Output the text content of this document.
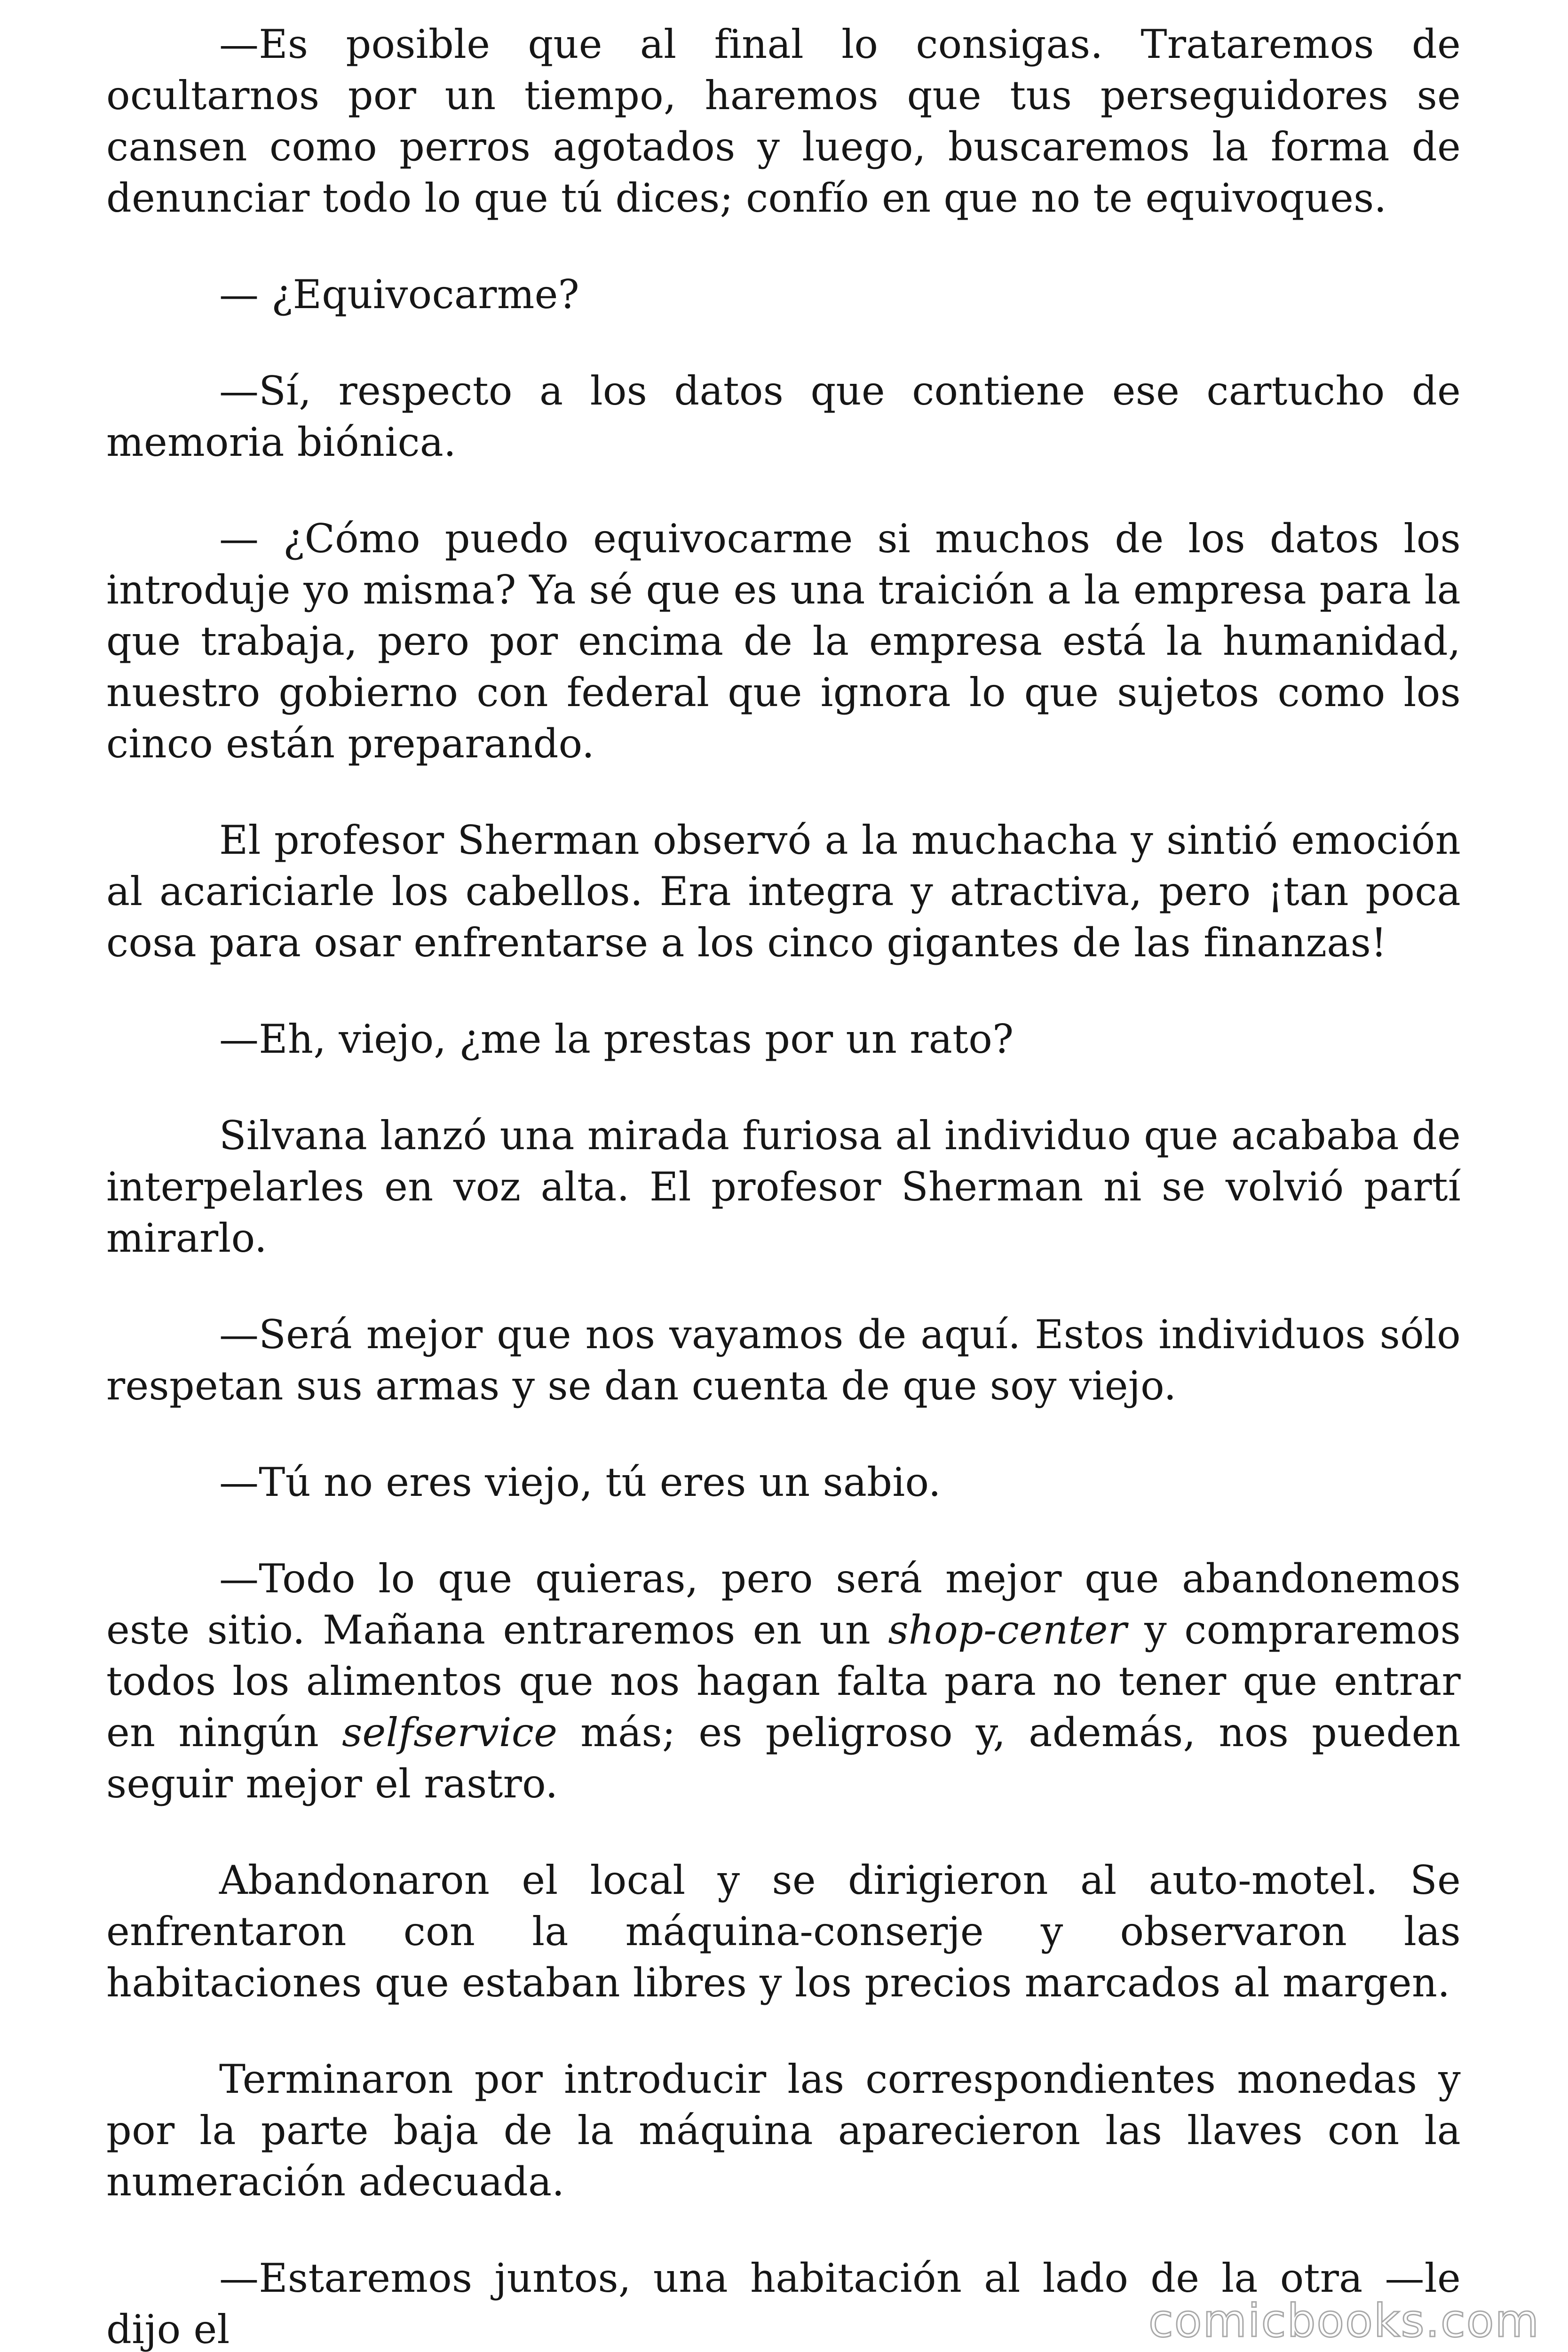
—Es posible que al final lo consigas. Trataremos de ocultarnos por un tiempo, haremos que tus perseguidores se cansen como perros agotados y luego, buscaremos la forma de denunciar todo lo que tú dices; confío en que no te equivoques.

— ¿Equivocarme?

—Sí, respecto a los datos que contiene ese cartucho de memoria biónica.

— ¿Cómo puedo equivocarme si muchos de los datos los introduje yo misma? Ya sé que es una traición a la empresa para la que trabaja, pero por encima de la empresa está la humanidad, nuestro gobierno con federal que ignora lo que sujetos como los cinco están preparando.

El profesor Sherman observó a la muchacha y sintió emoción al acariciarle los cabellos. Era integra y atractiva, pero ¡tan poca cosa para osar enfrentarse a los cinco gigantes de las finanzas!

—Eh, viejo, ¿me la prestas por un rato?

Silvana lanzó una mirada furiosa al individuo que acababa de interpelarles en voz alta. El profesor Sherman ni se volvió partí mirarlo.

—Será mejor que nos vayamos de aquí. Estos individuos sólo respetan sus armas y se dan cuenta de que soy viejo.

—Tú no eres viejo, tú eres un sabio.

—Todo lo que quieras, pero será mejor que abandonemos este sitio. Mañana entraremos en un shop-center y compraremos todos los alimentos que nos hagan falta para no tener que entrar en ningún selfservice más; es peligroso y, además, nos pueden seguir mejor el rastro.

Abandonaron el local y se dirigieron al auto-motel. Se enfrentaron con la máquina-conserje y observaron las habitaciones que estaban libres y los precios marcados al margen.

Terminaron por introducir las correspondientes monedas y por la parte baja de la máquina aparecieron las llaves con la numeración adecuada.

—Estaremos juntos, una habitación al lado de la otra —le dijo el	comicbooks.com
